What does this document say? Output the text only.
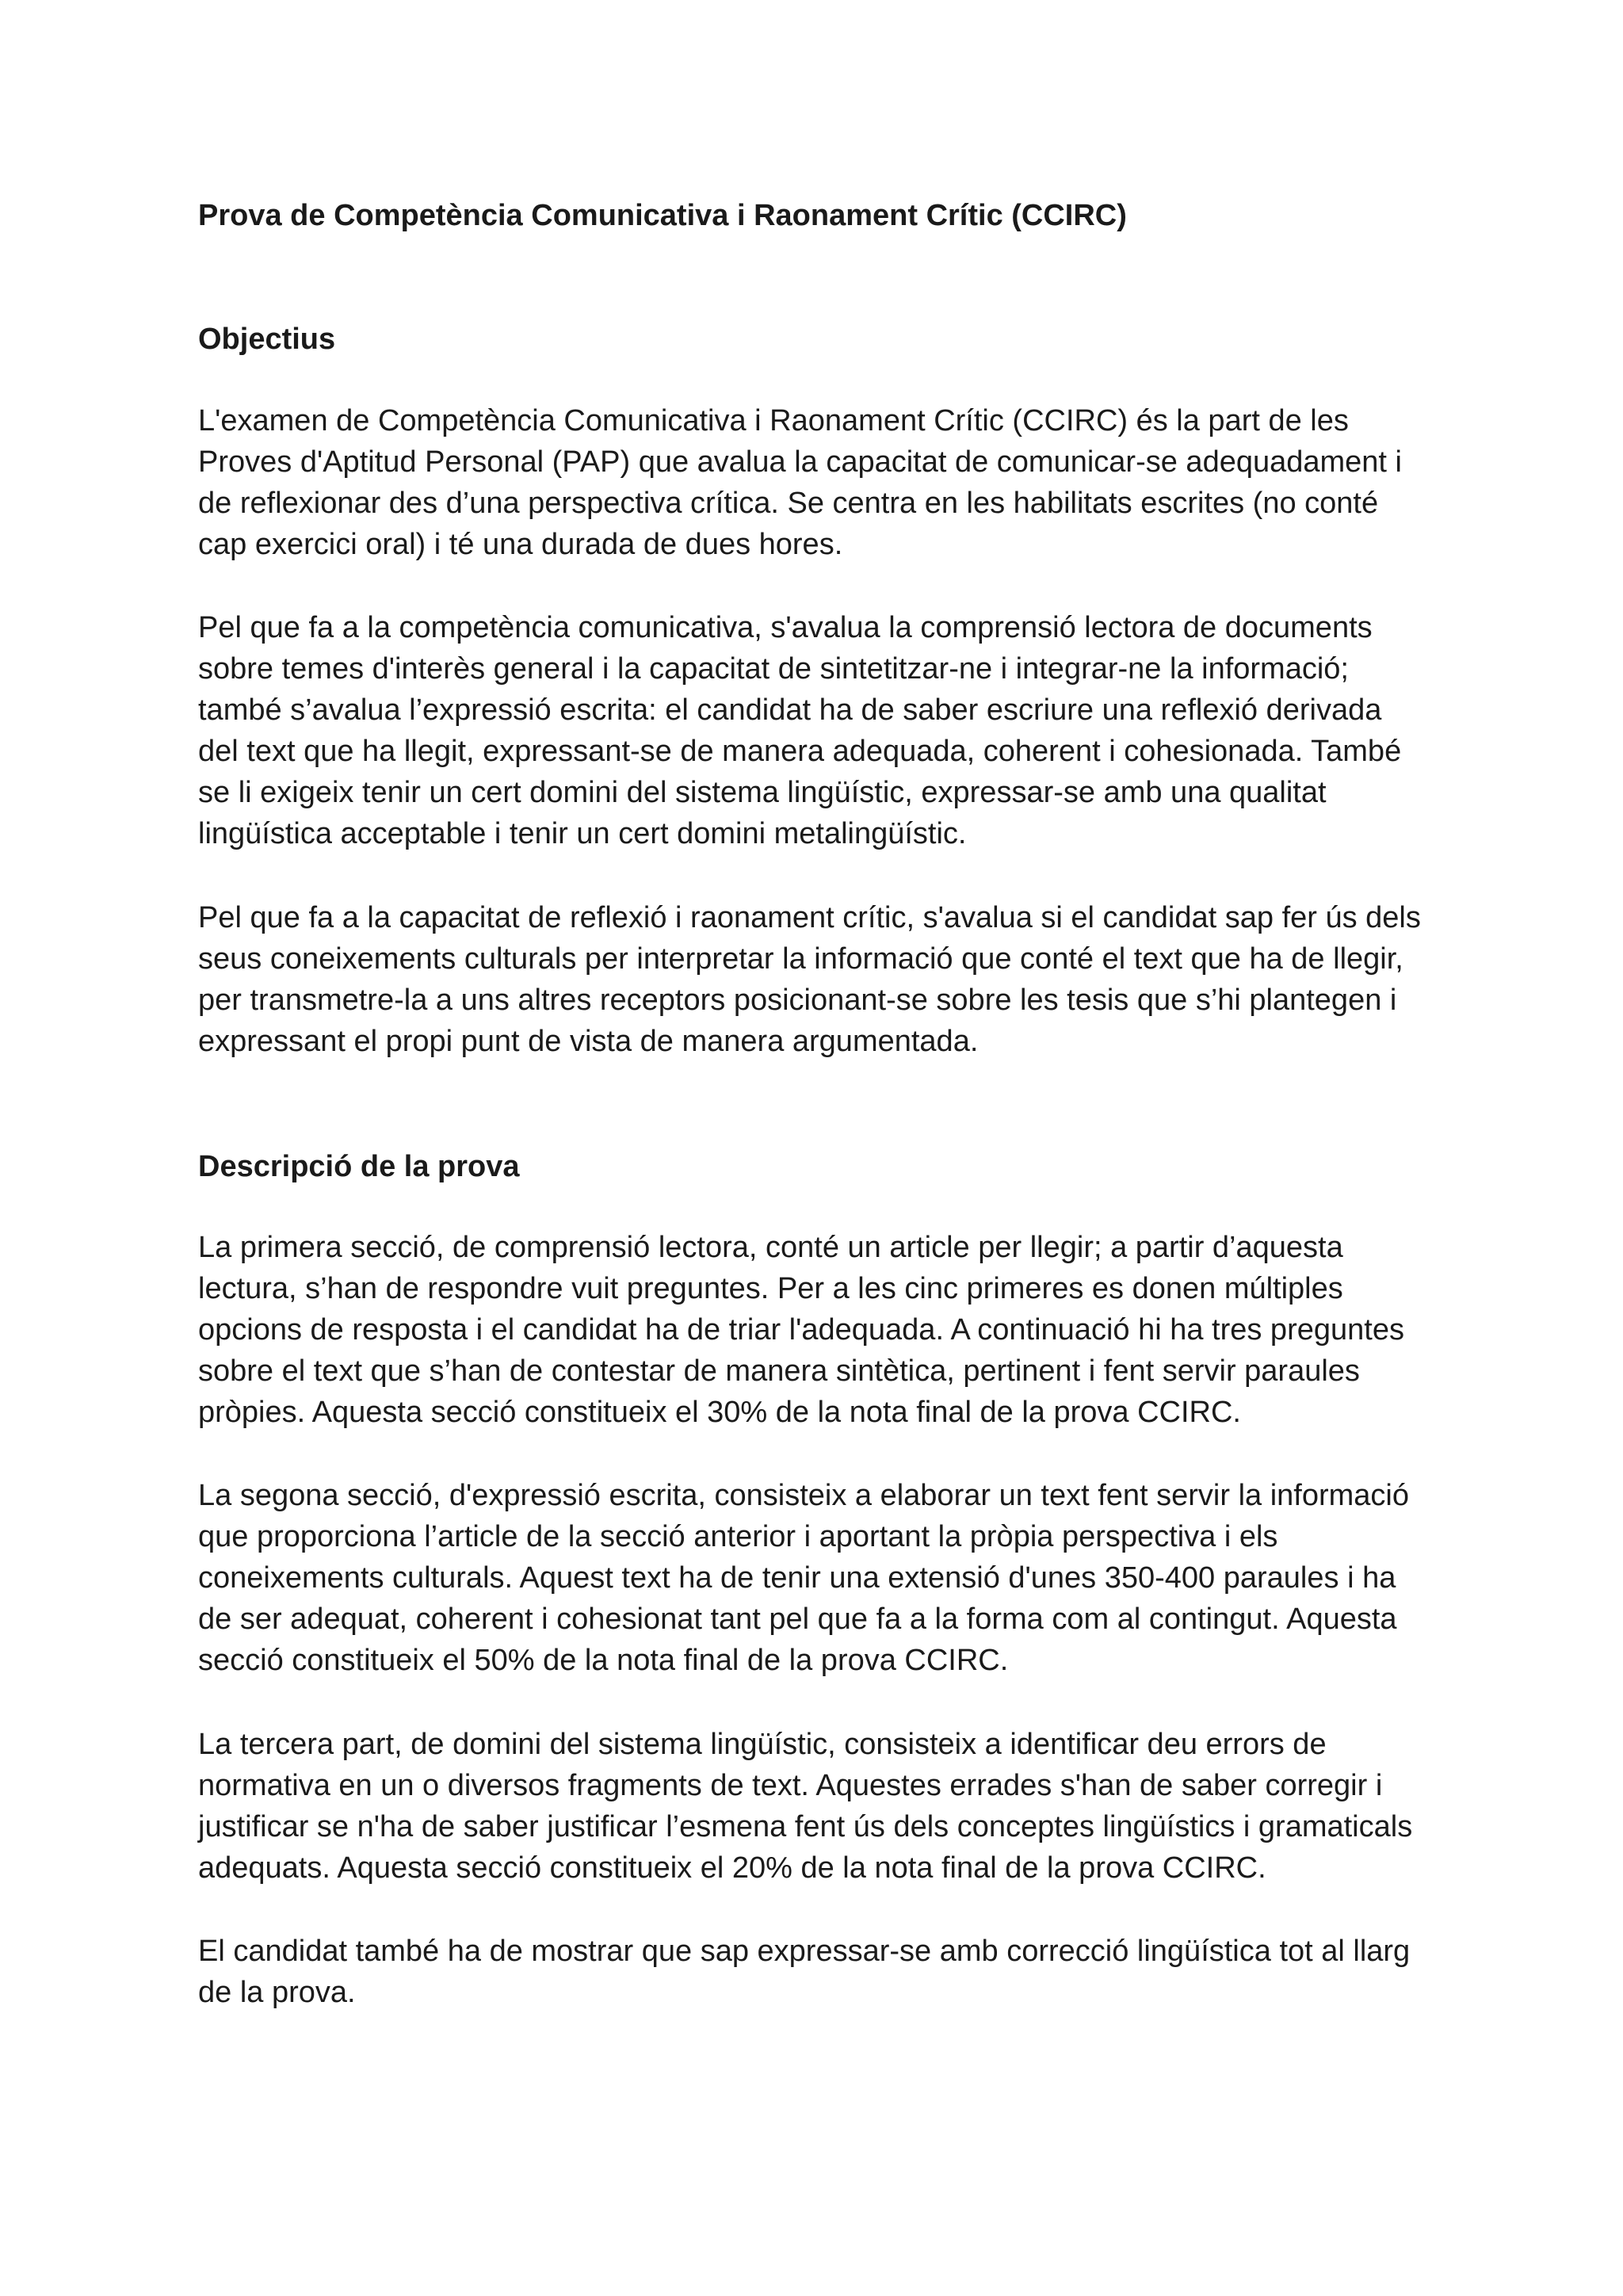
Prova de Competència Comunicativa i Raonament Crític (CCIRC)
Objectius

L'examen de Competència Comunicativa i Raonament Crític (CCIRC) és la part de les
Proves d'Aptitud Personal (PAP) que avalua la capacitat de comunicar-se adequadament i
de reflexionar des d’una perspectiva crítica. Se centra en les habilitats escrites (no conté
cap exercici oral) i té una durada de dues hores.

Pel que fa a la competència comunicativa, s'avalua la comprensió lectora de documents
sobre temes d'interès general i la capacitat de sintetitzar-ne i integrar-ne la informació;
també s’avalua l’expressió escrita: el candidat ha de saber escriure una reflexió derivada
del text que ha llegit, expressant-se de manera adequada, coherent i cohesionada. També
se li exigeix tenir un cert domini del sistema lingüístic, expressar-se amb una qualitat
lingüística acceptable i tenir un cert domini metalingüístic.

Pel que fa a la capacitat de reflexió i raonament crític, s'avalua si el candidat sap fer ús dels
seus coneixements culturals per interpretar la informació que conté el text que ha de llegir,
per transmetre-la a uns altres receptors posicionant-se sobre les tesis que s’hi plantegen i
expressant el propi punt de vista de manera argumentada.

Descripció de la prova

La primera secció, de comprensió lectora, conté un article per llegir; a partir d’aquesta
lectura, s’han de respondre vuit preguntes. Per a les cinc primeres es donen múltiples
opcions de resposta i el candidat ha de triar l'adequada. A continuació hi ha tres preguntes
sobre el text que s’han de contestar de manera sintètica, pertinent i fent servir paraules
pròpies. Aquesta secció constitueix el 30% de la nota final de la prova CCIRC.

La segona secció, d'expressió escrita, consisteix a elaborar un text fent servir la informació
que proporciona l’article de la secció anterior i aportant la pròpia perspectiva i els
coneixements culturals. Aquest text ha de tenir una extensió d'unes 350-400 paraules i ha
de ser adequat, coherent i cohesionat tant pel que fa a la forma com al contingut. Aquesta
secció constitueix el 50% de la nota final de la prova CCIRC.

La tercera part, de domini del sistema lingüístic, consisteix a identificar deu errors de
normativa en un o diversos fragments de text. Aquestes errades s'han de saber corregir i
justificar se n'ha de saber justificar l’esmena fent ús dels conceptes lingüístics i gramaticals
adequats. Aquesta secció constitueix el 20% de la nota final de la prova CCIRC.

El candidat també ha de mostrar que sap expressar-se amb correcció lingüística tot al llarg
de la prova.
